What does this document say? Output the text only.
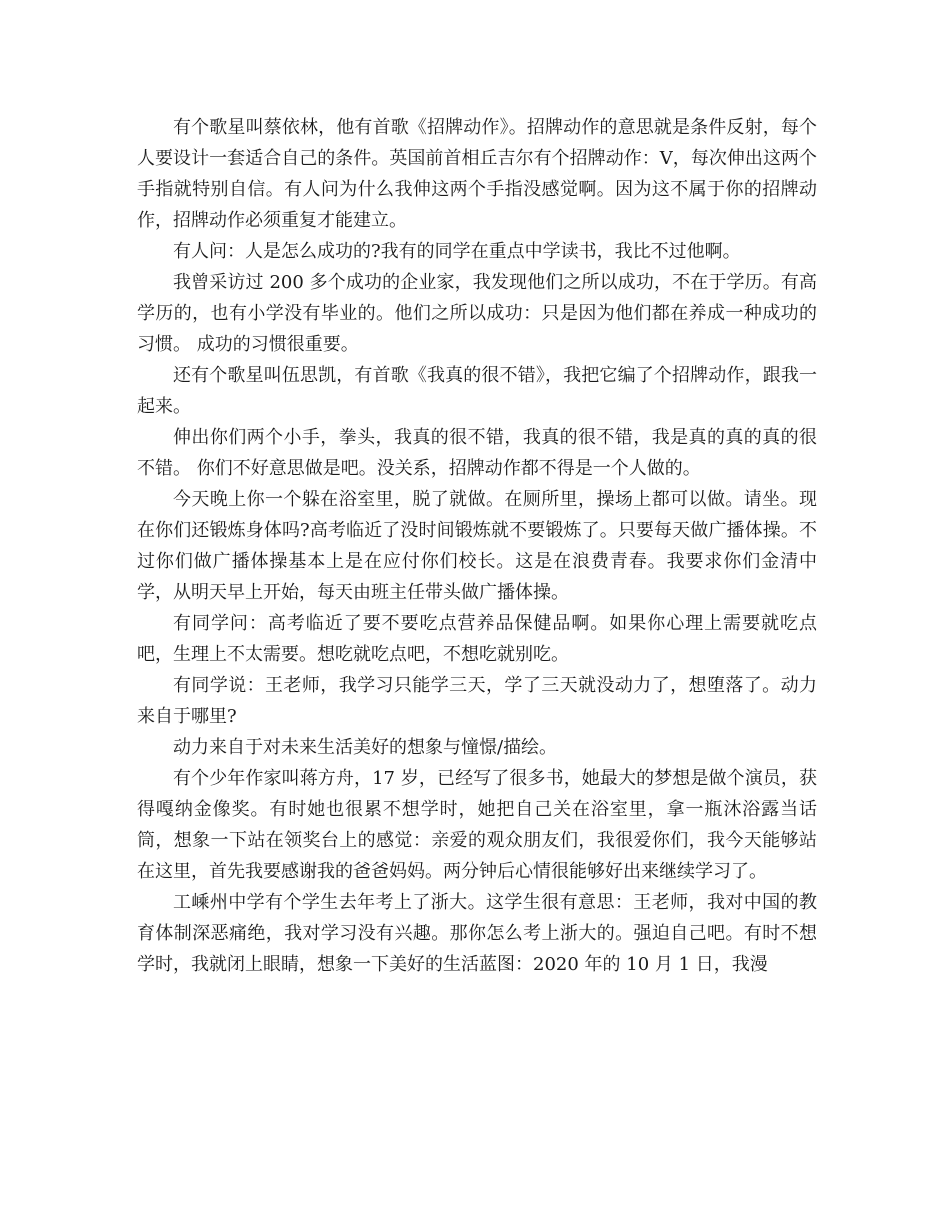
有个歌星叫蔡依林，他有首歌《招牌动作》。招牌动作的意思就是条件反射，每个人要设计一套适合自己的条件。英国前首相丘吉尔有个招牌动作：V，每次伸出这两个手指就特别自信。有人问为什么我伸这两个手指没感觉啊。因为这不属于你的招牌动作，招牌动作必须重复才能建立。

有人问：人是怎么成功的?我有的同学在重点中学读书，我比不过他啊。

我曾采访过 200 多个成功的企业家，我发现他们之所以成功，不在于学历。有高学历的，也有小学没有毕业的。他们之所以成功：只是因为他们都在养成一种成功的习惯。 成功的习惯很重要。

还有个歌星叫伍思凯，有首歌《我真的很不错》，我把它编了个招牌动作，跟我一起来。

伸出你们两个小手，拳头，我真的很不错，我真的很不错，我是真的真的真的很不错。 你们不好意思做是吧。没关系，招牌动作都不得是一个人做的。

今天晚上你一个躲在浴室里，脱了就做。在厕所里，操场上都可以做。请坐。现在你们还锻炼身体吗?高考临近了没时间锻炼就不要锻炼了。只要每天做广播体操。不过你们做广播体操基本上是在应付你们校长。这是在浪费青春。我要求你们金清中学，从明天早上开始，每天由班主任带头做广播体操。

有同学问：高考临近了要不要吃点营养品保健品啊。如果你心理上需要就吃点吧，生理上不太需要。想吃就吃点吧，不想吃就别吃。

有同学说：王老师，我学习只能学三天，学了三天就没动力了，想堕落了。动力来自于哪里?

动力来自于对未来生活美好的想象与憧憬/描绘。

有个少年作家叫蒋方舟，17 岁，已经写了很多书，她最大的梦想是做个演员，获得嘎纳金像奖。有时她也很累不想学时，她把自己关在浴室里，拿一瓶沐浴露当话筒，想象一下站在领奖台上的感觉：亲爱的观众朋友们，我很爱你们，我今天能够站在这里，首先我要感谢我的爸爸妈妈。两分钟后心情很能够好出来继续学习了。

工嵊州中学有个学生去年考上了浙大。这学生很有意思：王老师，我对中国的教育体制深恶痛绝，我对学习没有兴趣。那你怎么考上浙大的。强迫自己吧。有时不想学时，我就闭上眼睛，想象一下美好的生活蓝图：2020 年的 10 月 1 日，我漫
